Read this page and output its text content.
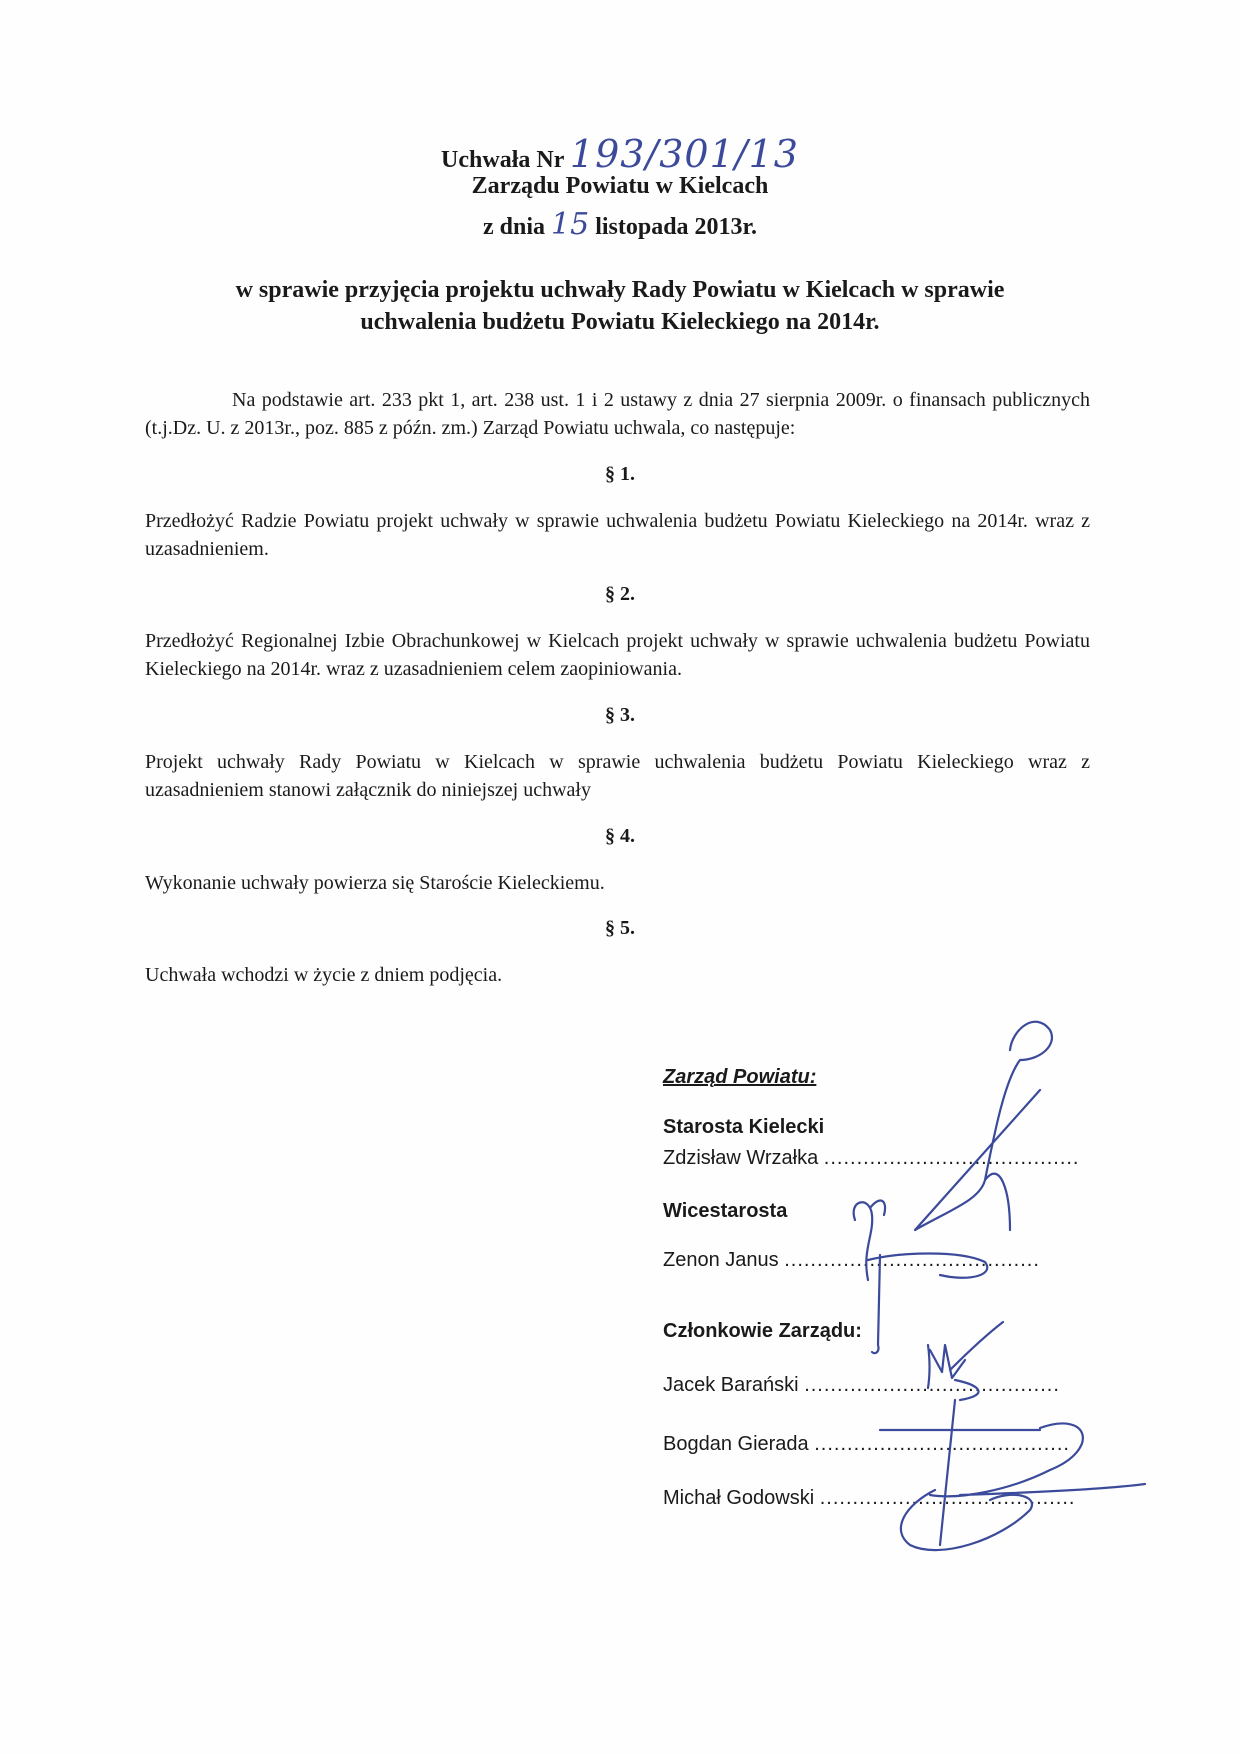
Uchwała Nr 193/301/13
Zarządu Powiatu w Kielcach
z dnia 15 listopada 2013r.
w sprawie przyjęcia projektu uchwały Rady Powiatu w Kielcach w sprawie
uchwalenia budżetu Powiatu Kieleckiego na 2014r.
Na podstawie art. 233 pkt 1, art. 238 ust. 1 i 2 ustawy z dnia 27 sierpnia 2009r. o finansach publicznych (t.j.Dz. U. z 2013r., poz. 885 z późn. zm.) Zarząd Powiatu uchwala, co następuje:
§ 1.
Przedłożyć Radzie Powiatu projekt uchwały w sprawie uchwalenia budżetu Powiatu Kieleckiego na 2014r. wraz z uzasadnieniem.
§ 2.
Przedłożyć Regionalnej Izbie Obrachunkowej w Kielcach projekt uchwały w sprawie uchwalenia budżetu Powiatu Kieleckiego na 2014r. wraz z uzasadnieniem celem zaopiniowania.
§ 3.
Projekt uchwały Rady Powiatu w Kielcach w sprawie uchwalenia budżetu Powiatu Kieleckiego wraz z uzasadnieniem stanowi załącznik do niniejszej uchwały
§ 4.
Wykonanie uchwały powierza się Staroście Kieleckiemu.
§ 5.
Uchwała wchodzi w życie z dniem podjęcia.
Zarząd Powiatu:
Starosta Kielecki
Zdzisław Wrzałka .......................................
Wicestarosta
Zenon Janus .......................................
Członkowie Zarządu:
Jacek Barański .......................................
Bogdan Gierada .......................................
Michał Godowski .......................................
